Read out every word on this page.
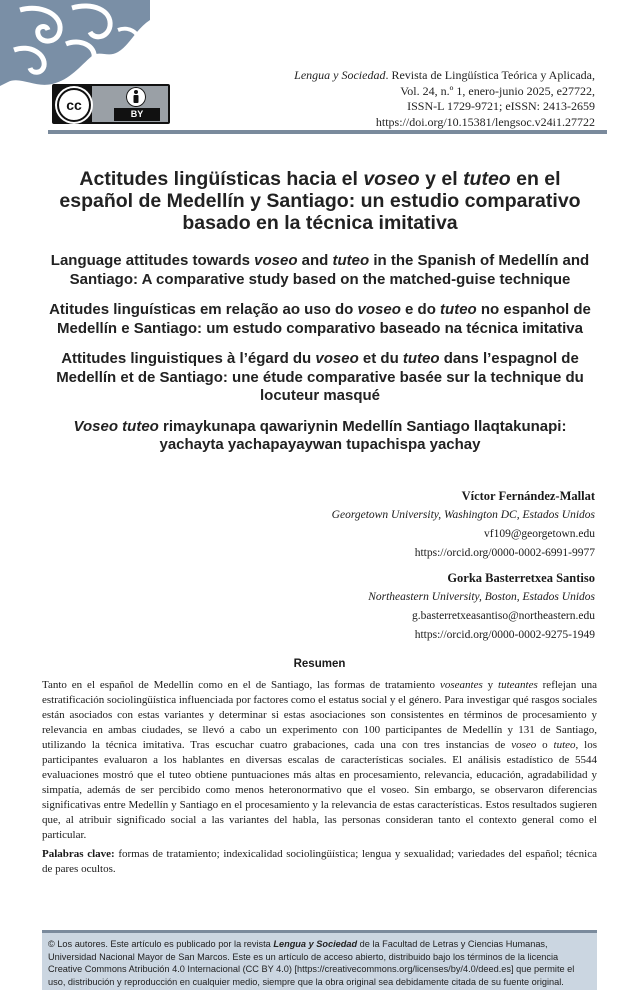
cc
BY
Lengua y Sociedad. Revista de Lingüística Teórica y Aplicada,
Vol. 24, n.º 1, enero-junio 2025, e27722,
ISSN-L 1729-9721; eISSN: 2413-2659
https://doi.org/10.15381/lengsoc.v24i1.27722

Actitudes lingüísticas hacia el voseo y el tuteo en el español de Medellín y Santiago: un estudio comparativo basado en la técnica imitativa

Language attitudes towards voseo and tuteo in the Spanish of Medellín and Santiago: A comparative study based on the matched-guise technique

Atitudes linguísticas em relação ao uso do voseo e do tuteo no espanhol de Medellín e Santiago: um estudo comparativo baseado na técnica imitativa

Attitudes linguistiques à l’égard du voseo et du tuteo dans l’espagnol de Medellín et de Santiago: une étude comparative basée sur la technique du locuteur masqué

Voseo tuteo rimaykunapa qawariynin Medellín Santiago llaqtakunapi: yachayta yachapayaywan tupachispa yachay

Víctor Fernández-Mallat
Georgetown University, Washington DC, Estados Unidos
vf109@georgetown.edu
https://orcid.org/0000-0002-6991-9977
Gorka Basterretxea Santiso
Northeastern University, Boston, Estados Unidos
g.basterretxeasantiso@northeastern.edu
https://orcid.org/0000-0002-9275-1949
Resumen

Tanto en el español de Medellín como en el de Santiago, las formas de tratamiento voseantes y tuteantes reflejan una estratificación sociolingüística influenciada por factores como el estatus social y el género. Para investigar qué rasgos sociales están asociados con estas variantes y determinar si estas asociaciones son consistentes en términos de procesamiento y relevancia en ambas ciudades, se llevó a cabo un experimento con 100 participantes de Medellín y 131 de Santiago, utilizando la técnica imitativa. Tras escuchar cuatro grabaciones, cada una con tres instancias de voseo o tuteo, los participantes evaluaron a los hablantes en diversas escalas de características sociales. El análisis estadístico de 5544 evaluaciones mostró que el tuteo obtiene puntuaciones más altas en procesamiento, relevancia, educación, agradabilidad y simpatía, además de ser percibido como menos heteronormativo que el voseo. Sin embargo, se observaron diferencias significativas entre Medellín y Santiago en el procesamiento y la relevancia de estas características. Estos resultados sugieren que, al atribuir significado social a las variantes del habla, las personas consideran tanto el contexto general como el particular.

Palabras clave: formas de tratamiento; indexicalidad sociolingüística; lengua y sexualidad; variedades del español; técnica de pares ocultos.

© Los autores. Este artículo es publicado por la revista Lengua y Sociedad de la Facultad de Letras y Ciencias Humanas, Universidad Nacional Mayor de San Marcos. Este es un artículo de acceso abierto, distribuido bajo los términos de la licencia Creative Commons Atribución 4.0 Internacional (CC BY 4.0) [https://creativecommons.org/licenses/by/4.0/deed.es] que permite el uso, distribución y reproducción en cualquier medio, siempre que la obra original sea debidamente citada de su fuente original.
